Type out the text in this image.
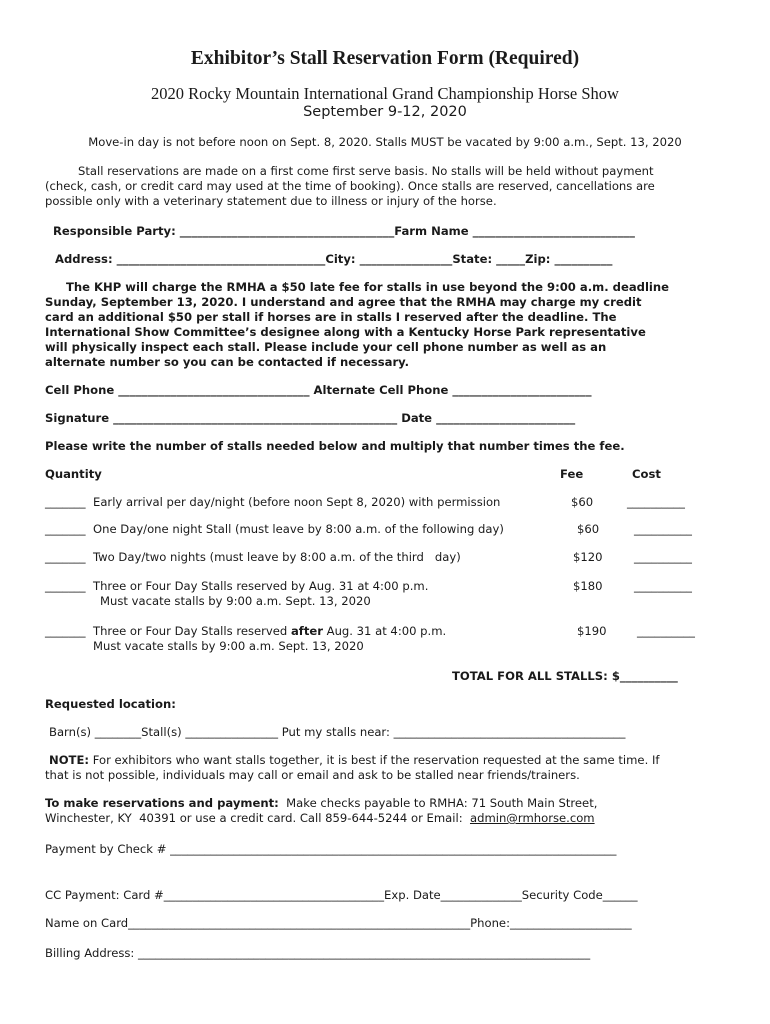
Exhibitor’s Stall Reservation Form (Required)
2020 Rocky Mountain International Grand Championship Horse Show
September 9-12, 2020
Move-in day is not before noon on Sept. 8, 2020. Stalls MUST be vacated by 9:00 a.m., Sept. 13, 2020
Stall reservations are made on a first come first serve basis. No stalls will be held without payment
(check, cash, or credit card may used at the time of booking). Once stalls are reserved, cancellations are
possible only with a veterinary statement due to illness or injury of the horse.
Responsible Party: _____________________________________Farm Name ____________________________
Address: ____________________________________City: ________________State: _____Zip: __________
The KHP will charge the RMHA a $50 late fee for stalls in use beyond the 9:00 a.m. deadline
Sunday, September 13, 2020. I understand and agree that the RMHA may charge my credit
card an additional $50 per stall if horses are in stalls I reserved after the deadline. The
International Show Committee’s designee along with a Kentucky Horse Park representative
will physically inspect each stall. Please include your cell phone number as well as an
alternate number so you can be contacted if necessary.
Cell Phone _________________________________ Alternate Cell Phone ________________________
Signature _________________________________________________ Date ________________________
Please write the number of stalls needed below and multiply that number times the fee.
Quantity	Fee	Cost
_______ Early arrival per day/night (before noon Sept 8, 2020) with permission	$60	__________
_______ One Day/one night Stall (must leave by 8:00 a.m. of the following day)	$60	__________
_______ Two Day/two nights (must leave by 8:00 a.m. of the third   day)	$120	__________
_______ Three or Four Day Stalls reserved by Aug. 31 at 4:00 p.m.
Must vacate stalls by 9:00 a.m. Sept. 13, 2020
$180	__________
_______ Three or Four Day Stalls reserved after Aug. 31 at 4:00 p.m.
Must vacate stalls by 9:00 a.m. Sept. 13, 2020
$190	__________
TOTAL FOR ALL STALLS: $__________
Requested location:
Barn(s) ________Stall(s) ________________ Put my stalls near: ________________________________________
NOTE: For exhibitors who want stalls together, it is best if the reservation requested at the same time. If
that is not possible, individuals may call or email and ask to be stalled near friends/trainers.
To make reservations and payment:  Make checks payable to RMHA: 71 South Main Street,
Winchester, KY  40391 or use a credit card. Call 859-644-5244 or Email:  admin@rmhorse.com
Payment by Check # _____________________________________________________________________________
CC Payment: Card #______________________________________Exp. Date______________Security Code______
Name on Card___________________________________________________________Phone:_____________________
Billing Address: ______________________________________________________________________________
